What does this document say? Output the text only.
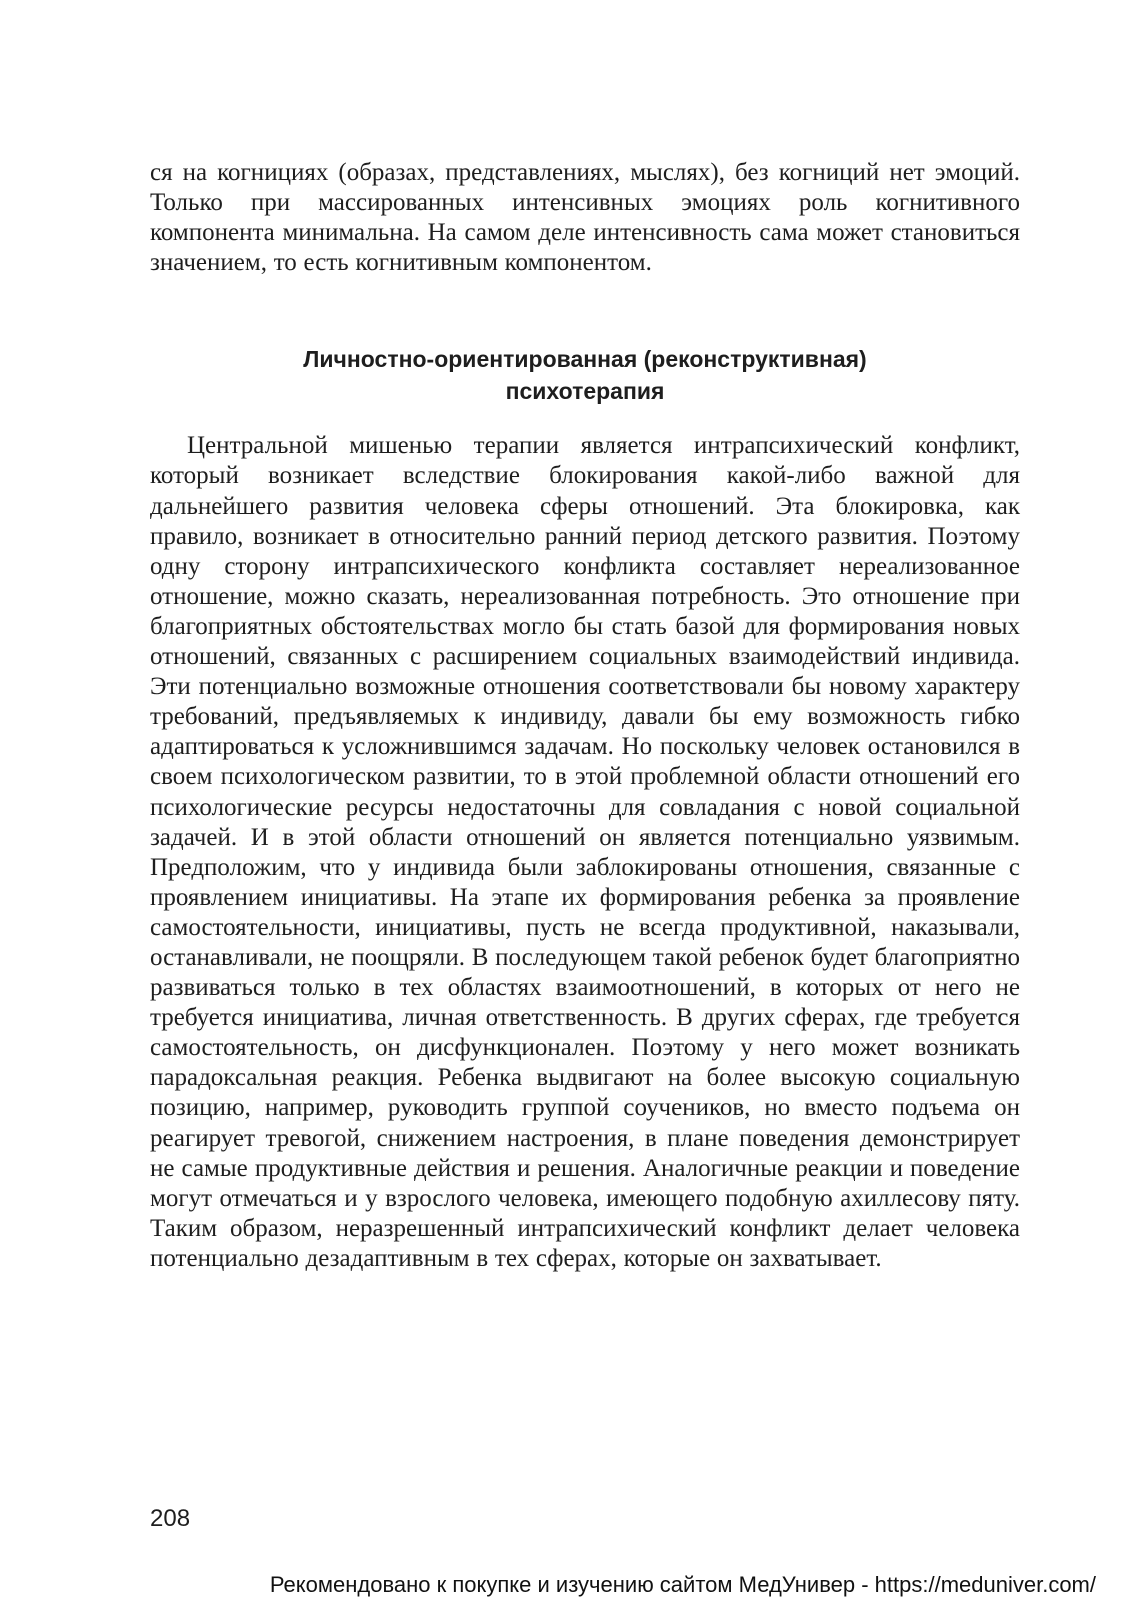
ся на когнициях (образах, представлениях, мыслях), без когниций нет эмоций. Только при массированных интенсивных эмоциях роль когнитивного компонента минимальна. На самом деле интенсивность сама может становиться значением, то есть когнитивным компонентом.

Личностно-ориентированная (реконструктивная)
психотерапия

Центральной мишенью терапии является интрапсихический конфликт, который возникает вследствие блокирования какой-либо важной для дальнейшего развития человека сферы отношений. Эта блокировка, как правило, возникает в относительно ранний период детского развития. Поэтому одну сторону интрапсихического конфликта составляет нереализованное отношение, можно сказать, нереализованная потребность. Это отношение при благоприятных обстоятельствах могло бы стать базой для формирования новых отношений, связанных с расширением социальных взаимодействий индивида. Эти потенциально возможные отношения соответствовали бы новому характеру требований, предъявляемых к индивиду, давали бы ему возможность гибко адаптироваться к усложнившимся задачам. Но поскольку человек остановился в своем психологическом развитии, то в этой проблемной области отношений его психологические ресурсы недостаточны для совладания с новой социальной задачей. И в этой области отношений он является потенциально уязвимым. Предположим, что у индивида были заблокированы отношения, связанные с проявлением инициативы. На этапе их формирования ребенка за проявление самостоятельности, инициативы, пусть не всегда продуктивной, наказывали, останавливали, не поощряли. В последующем такой ребенок будет благоприятно развиваться только в тех областях взаимоотношений, в которых от него не требуется инициатива, личная ответственность. В других сферах, где требуется самостоятельность, он дисфункционален. Поэтому у него может возникать парадоксальная реакция. Ребенка выдвигают на более высокую социальную позицию, например, руководить группой соучеников, но вместо подъема он реагирует тревогой, снижением настроения, в плане поведения демонстрирует не самые продуктивные действия и решения. Аналогичные реакции и поведение могут отмечаться и у взрослого человека, имеющего подобную ахиллесову пяту. Таким образом, неразрешенный интрапсихический конфликт делает человека потенциально дезадаптивным в тех сферах, которые он захватывает.

208
Рекомендовано к покупке и изучению сайтом МедУнивер - https://meduniver.com/
